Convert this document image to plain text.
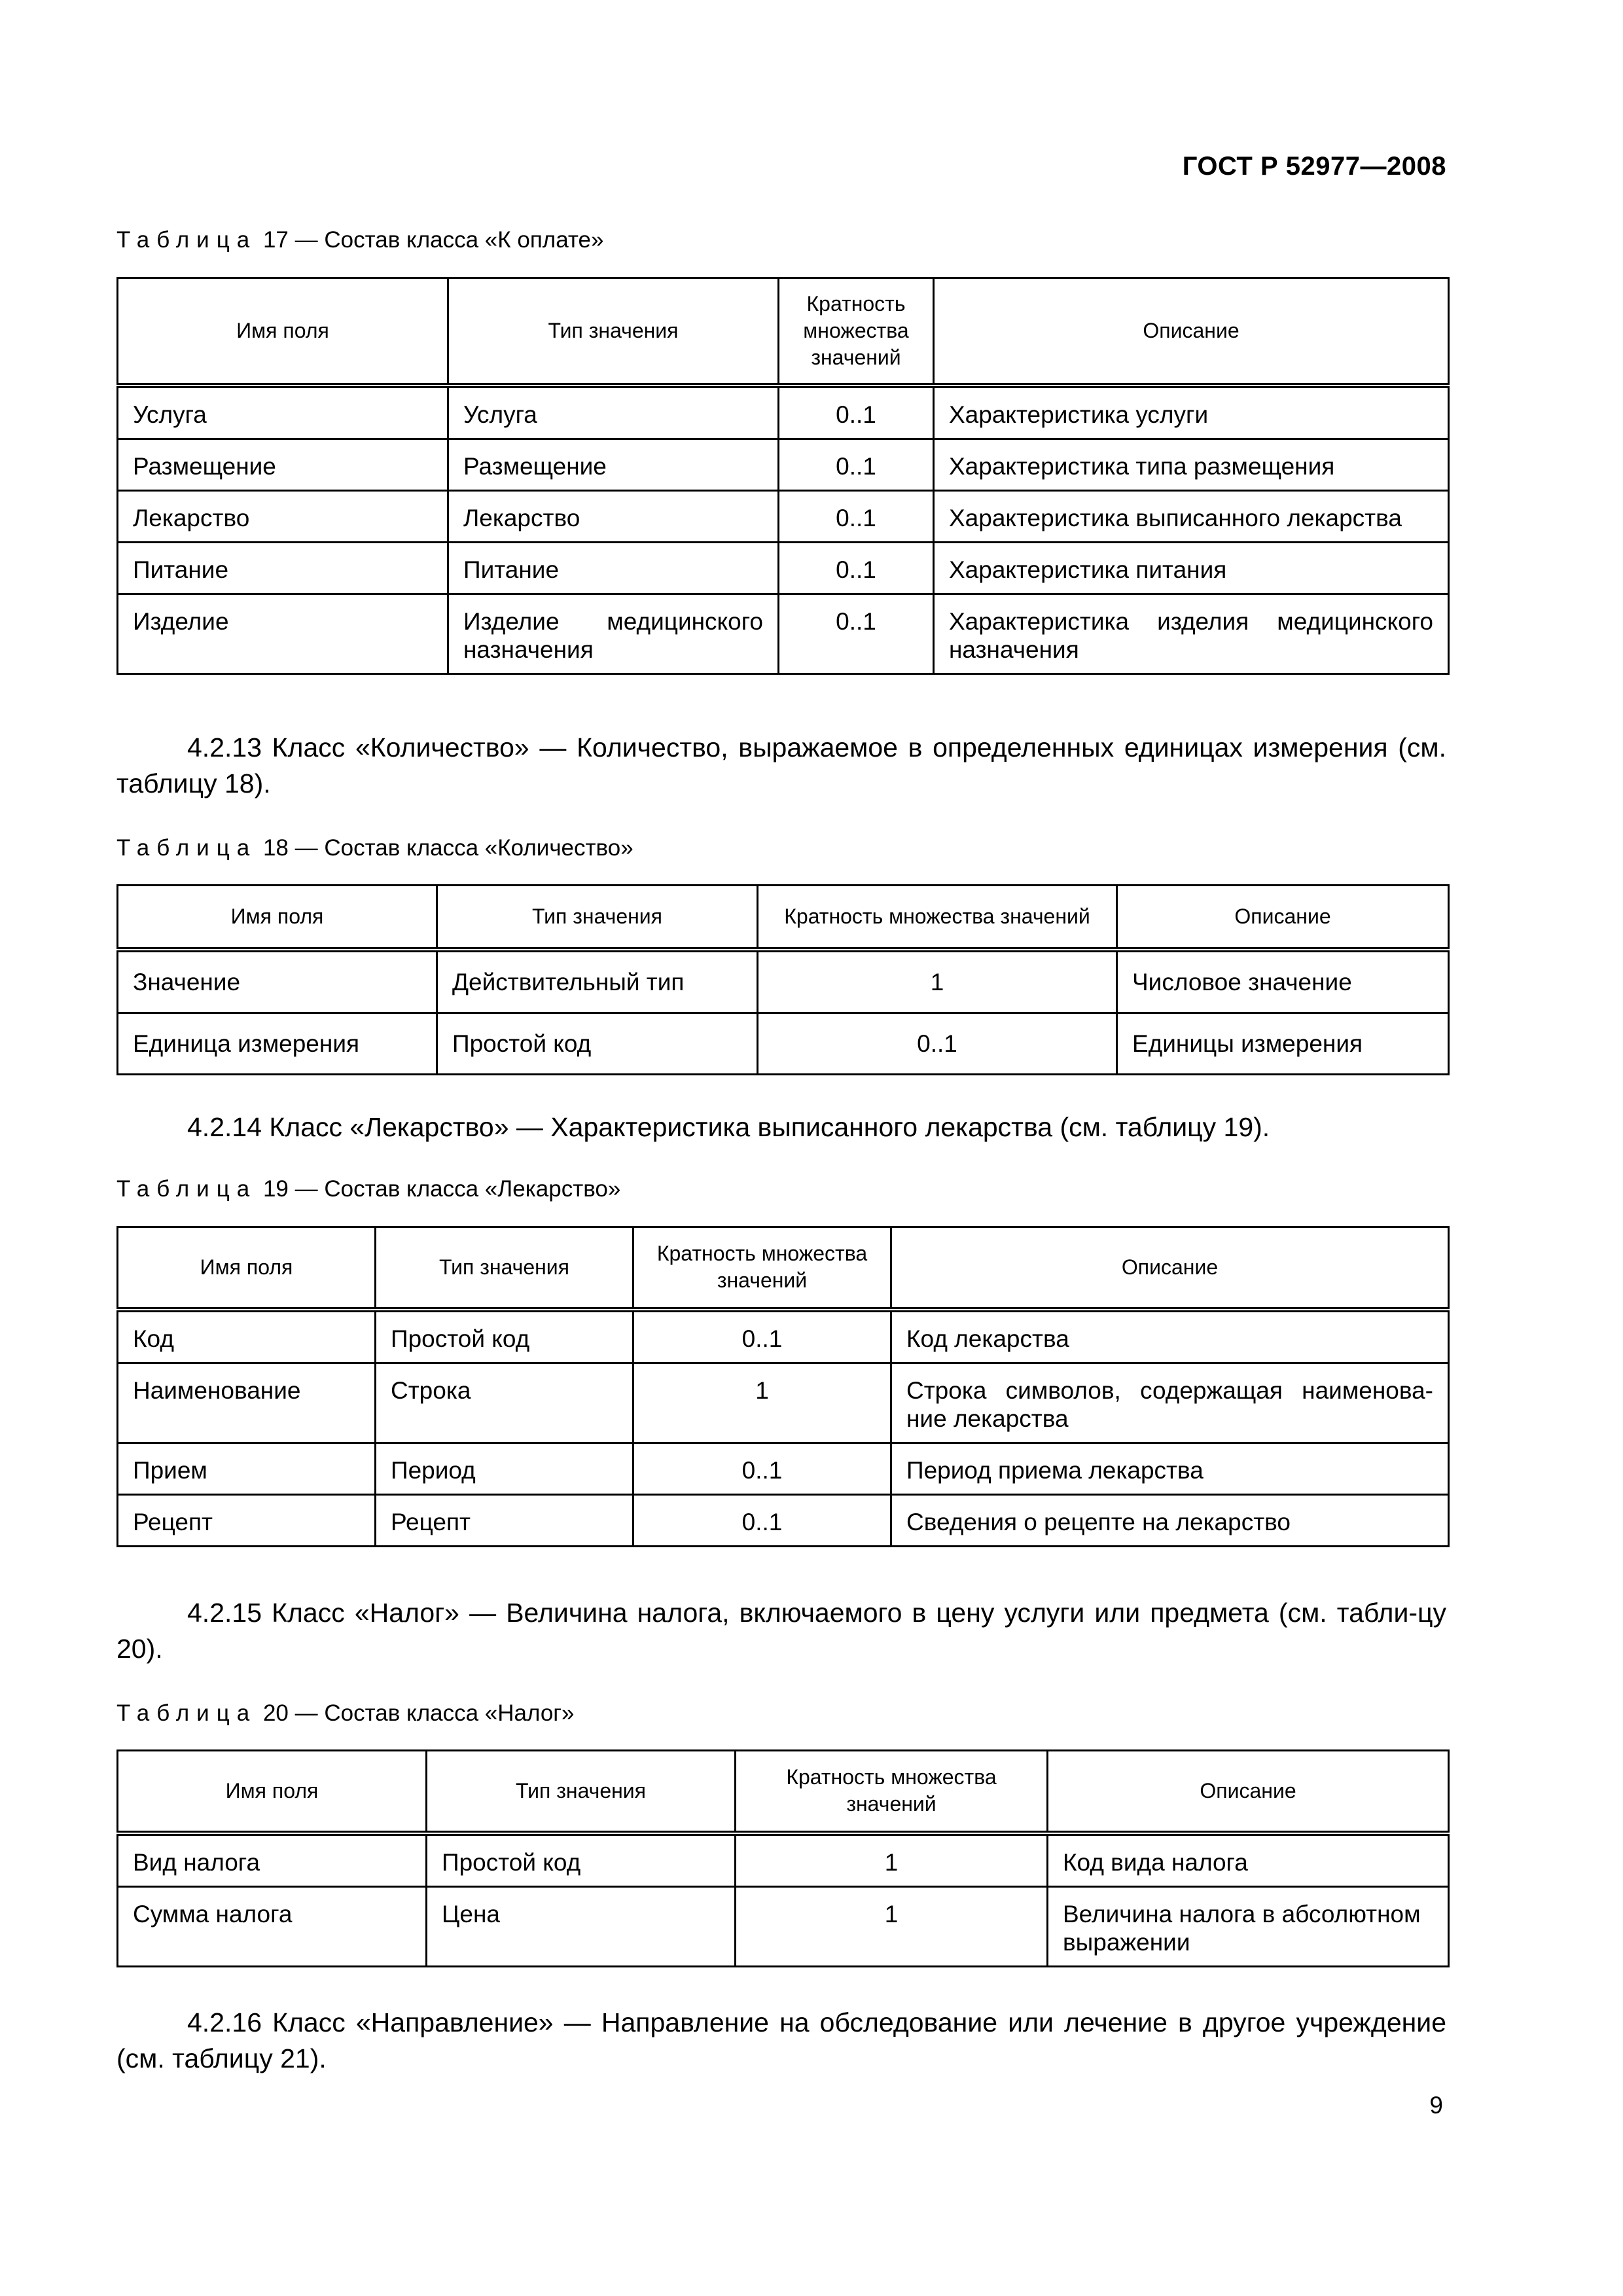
ГОСТ Р 52977—2008
Таблица 17 — Состав класса «К оплате»
Имя поля	Тип значения	Кратность множества значений	Описание
Услуга	Услуга	0..1	Характеристика услуги
Размещение	Размещение	0..1	Характеристика типа размещения
Лекарство	Лекарство	0..1	Характеристика выписанного лекарства
Питание	Питание	0..1	Характеристика питания
Изделие	Изделие медицинского назначения	0..1	Характеристика изделия медицинского назначения
4.2.13 Класс «Количество» — Количество, выражаемое в определенных единицах измерения (см. таблицу 18).
Таблица 18 — Состав класса «Количество»
Имя поля	Тип значения	Кратность множества значений	Описание
Значение	Действительный тип	1	Числовое значение
Единица измерения	Простой код	0..1	Единицы измерения
4.2.14 Класс «Лекарство» — Характеристика выписанного лекарства (см. таблицу 19).
Таблица 19 — Состав класса «Лекарство»
Имя поля	Тип значения	Кратность множества значений	Описание
Код	Простой код	0..1	Код лекарства
Наименование	Строка	1	Строка символов, содержащая наименова-ние лекарства
Прием	Период	0..1	Период приема лекарства
Рецепт	Рецепт	0..1	Сведения о рецепте на лекарство
4.2.15 Класс «Налог» — Величина налога, включаемого в цену услуги или предмета (см. табли-цу 20).
Таблица 20 — Состав класса «Налог»
Имя поля	Тип значения	Кратность множества значений	Описание
Вид налога	Простой код	1	Код вида налога
Сумма налога	Цена	1	Величина налога в абсолютном выражении
4.2.16 Класс «Направление» — Направление на обследование или лечение в другое учреждение (см. таблицу 21).
9
